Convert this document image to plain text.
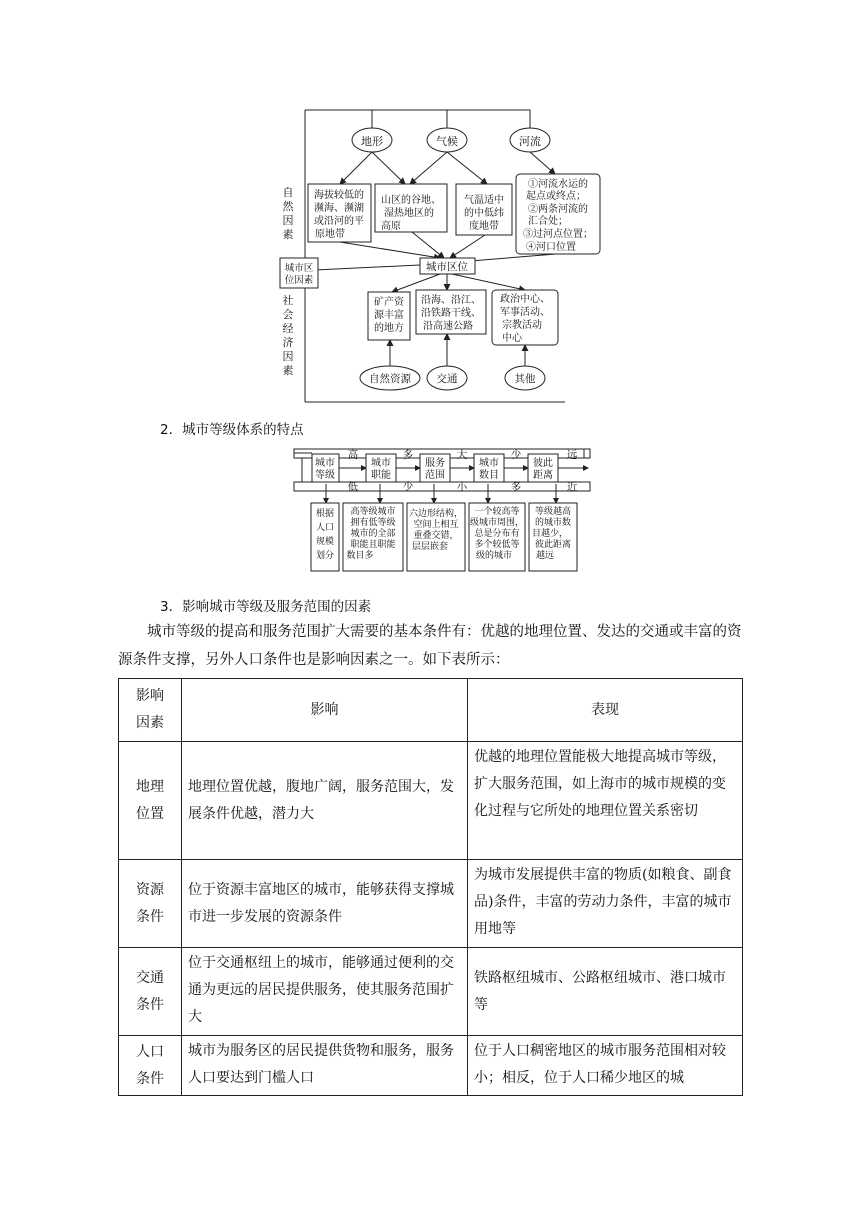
地形	气候	河流
自
然
因
素
社
会
经
济
因
素
城市区
位因素
海拔较低的
濒海、濒湖
或沿河的平
原地带
山区的谷地、
湿热地区的
高原
气温适中
的中低纬
度地带
①河流水运的
起点或终点；
②两条河流的
汇合处；
③过河点位置；
④河口位置
城市区位
矿产资
源丰富
的地方
沿海、沿江、
沿铁路干线、
沿高速公路
政治中心、
军事活动、
宗教活动
中心
自然资源 交通	其他
2．城市等级体系的特点
城市
等级
城市
职能
服务
范围
城市
数目
彼此
距离
高	多	大	少	远
低	少	小	多	近
根据
人口
规模
划分
高等级城市
拥有低等级
城市的全部
职能且职能
数目多
六边形结构，
空间上相互
重叠交错，
层层嵌套
一个较高等
级城市周围，
总是分布有
多个较低等
级的城市
等级越高
的城市数
目越少，
彼此距离
越远
3．影响城市等级及服务范围的因素

城市等级的提高和服务范围扩大需要的基本条件有：优越的地理位置、发达的交通或丰富的资源条件支撑，另外人口条件也是影响因素之一。如下表所示：

影响
因素	影响	表现

地理
位置	地理位置优越，腹地广阔，服务范围大，发展条件优越，潜力大	优越的地理位置能极大地提高城市等级，扩大服务范围，如上海市的城市规模的变化过程与它所处的地理位置关系密切

资源
条件	位于资源丰富地区的城市，能够获得支撑城市进一步发展的资源条件	为城市发展提供丰富的物质(如粮食、副食品)条件，丰富的劳动力条件，丰富的城市用地等

交通
条件	位于交通枢纽上的城市，能够通过便利的交通为更远的居民提供服务，使其服务范围扩大	铁路枢纽城市、公路枢纽城市、港口城市等

人口
条件	城市为服务区的居民提供货物和服务，服务人口要达到门槛人口	位于人口稠密地区的城市服务范围相对较小；相反，位于人口稀少地区的城
